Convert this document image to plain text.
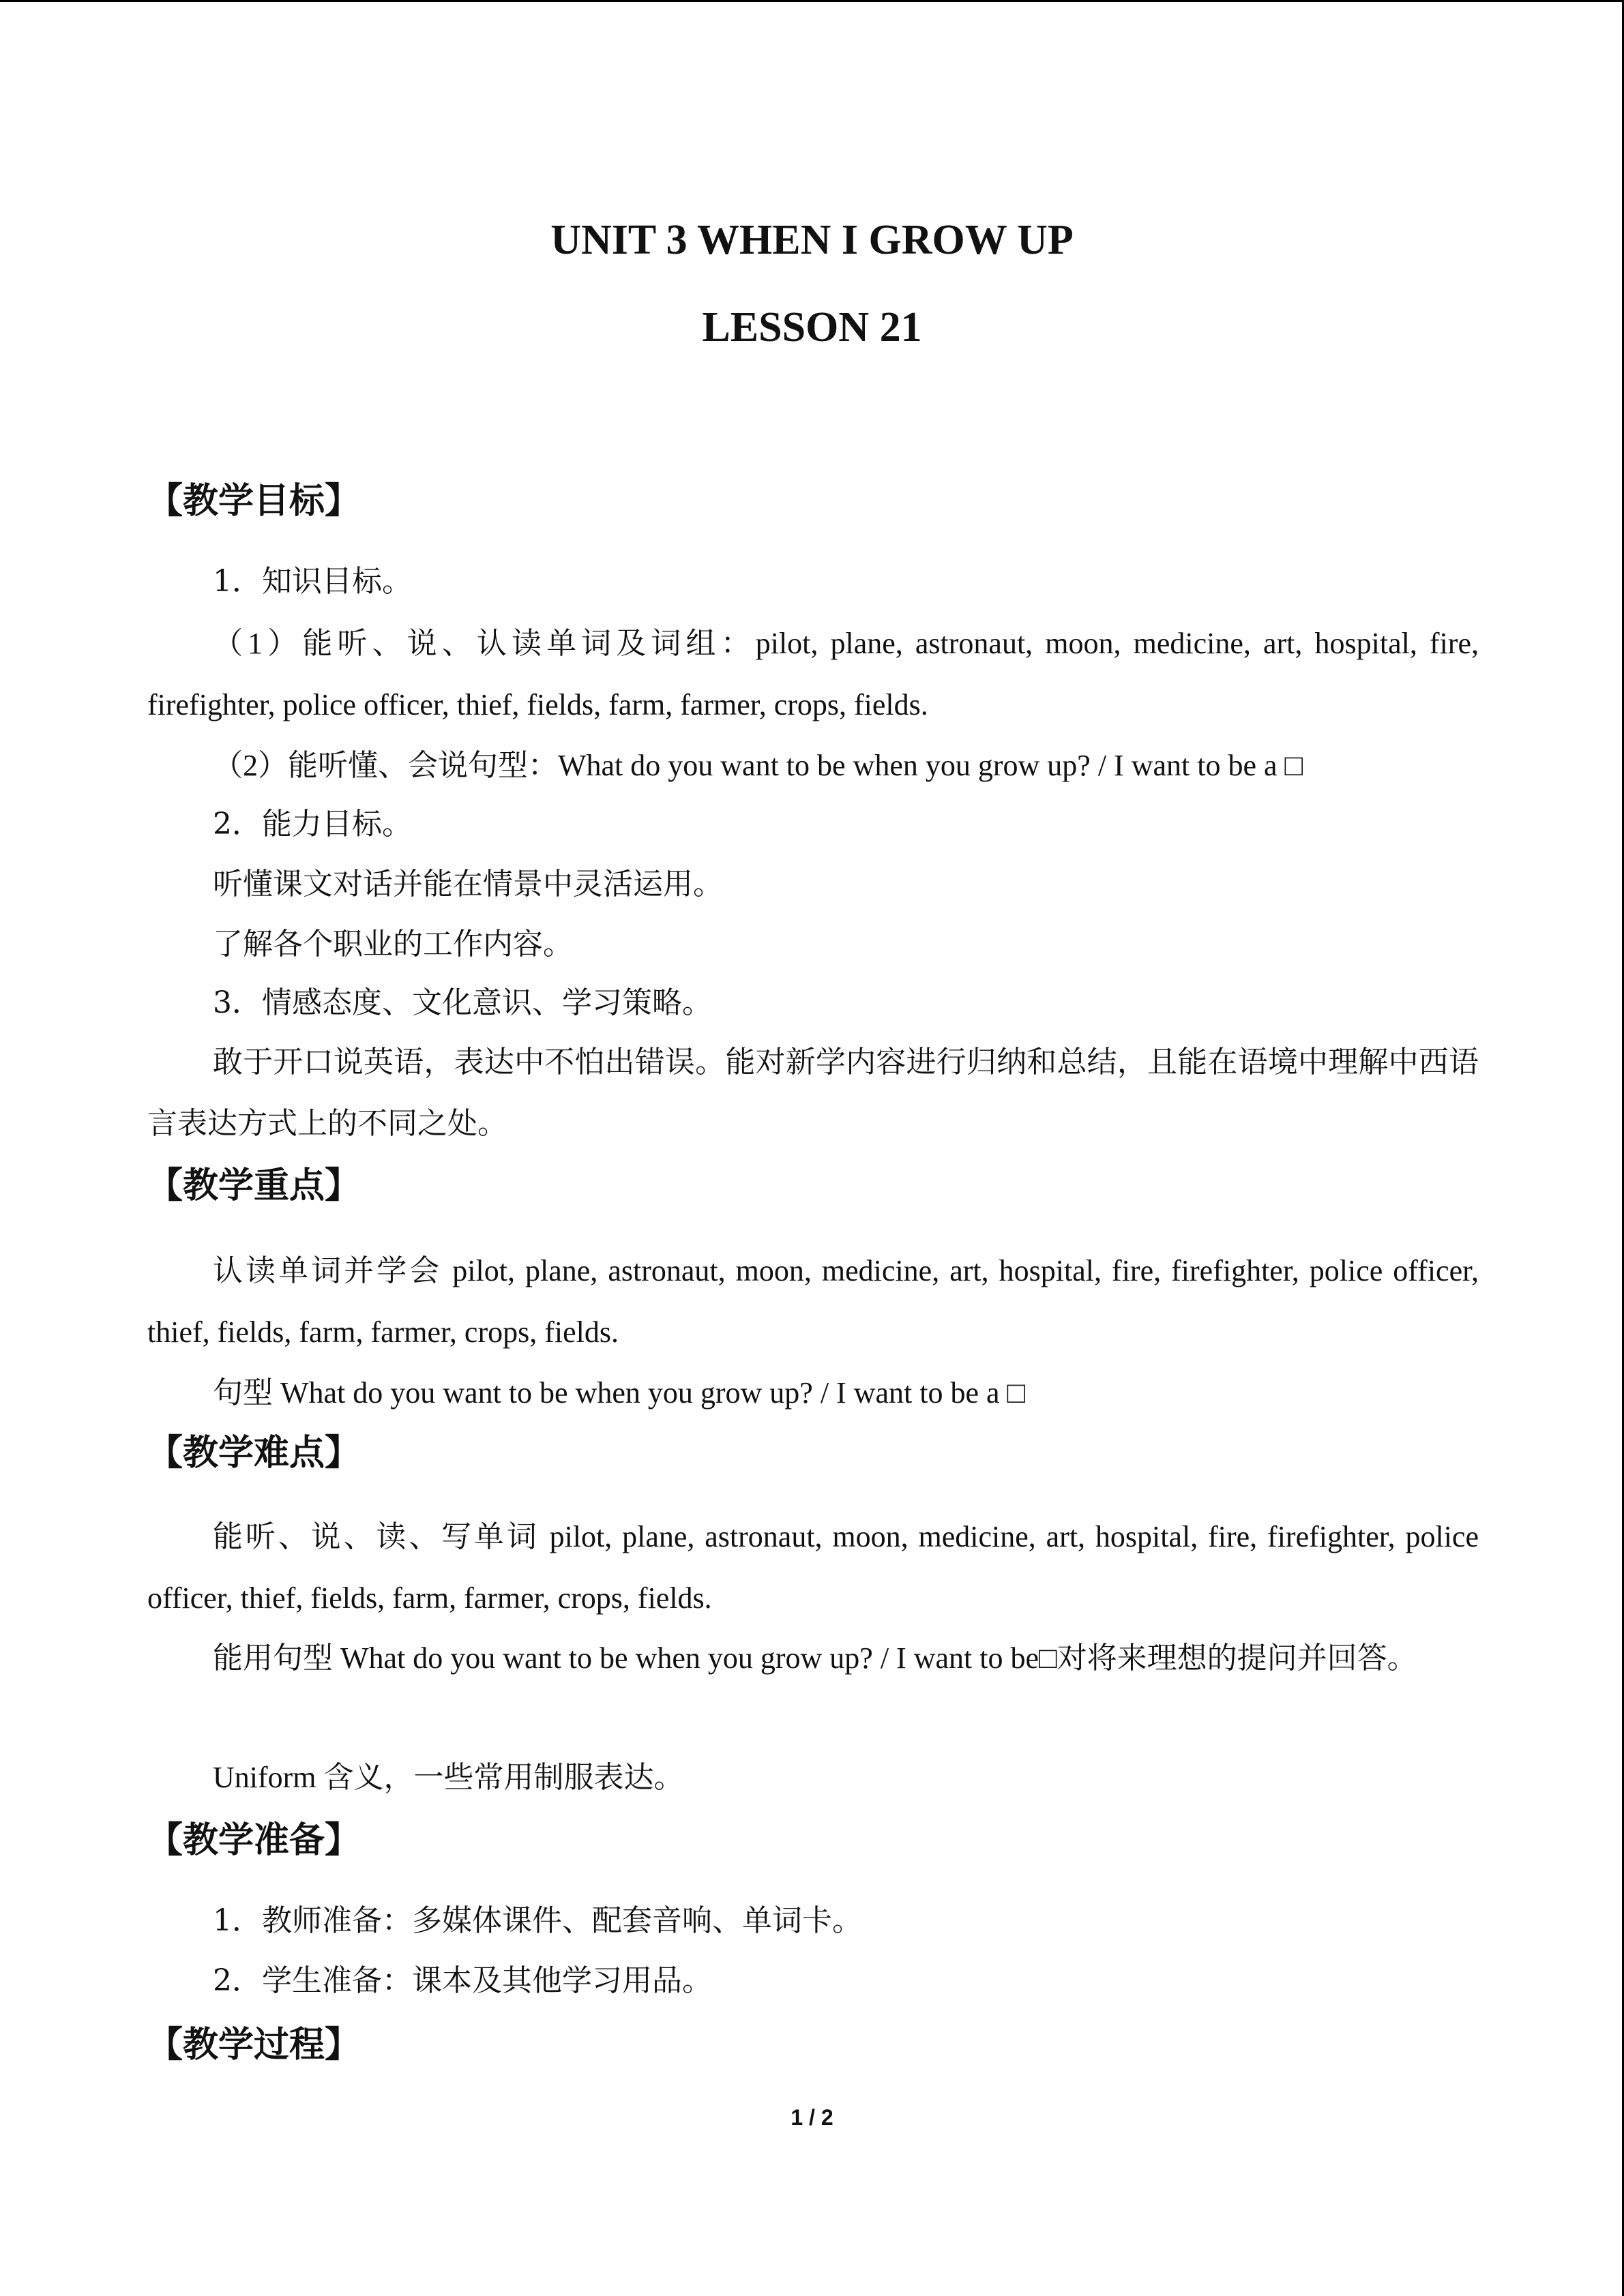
UNIT 3 WHEN I GROW UP
LESSON 21
【教学目标】
1．知识目标。
（1）能听、说、认读单词及词组：pilot, plane, astronaut, moon, medicine, art, hospital, fire, firefighter, police officer, thief, fields, farm, farmer, crops, fields.
（2）能听懂、会说句型：What do you want to be when you grow up? / I want to be a □
2．能力目标。
听懂课文对话并能在情景中灵活运用。
了解各个职业的工作内容。
3．情感态度、文化意识、学习策略。
敢于开口说英语，表达中不怕出错误。能对新学内容进行归纳和总结，且能在语境中理解中西语言表达方式上的不同之处。
【教学重点】
认读单词并学会 pilot, plane, astronaut, moon, medicine, art, hospital, fire, firefighter, police officer, thief, fields, farm, farmer, crops, fields.
句型 What do you want to be when you grow up? / I want to be a □
【教学难点】
能听、说、读、写单词 pilot, plane, astronaut, moon, medicine, art, hospital, fire, firefighter, police officer, thief, fields, farm, farmer, crops, fields.
能用句型 What do you want to be when you grow up? / I want to be□对将来理想的提问并回答。
Uniform 含义，一些常用制服表达。
【教学准备】
1．教师准备：多媒体课件、配套音响、单词卡。
2．学生准备：课本及其他学习用品。
【教学过程】
1 / 2
